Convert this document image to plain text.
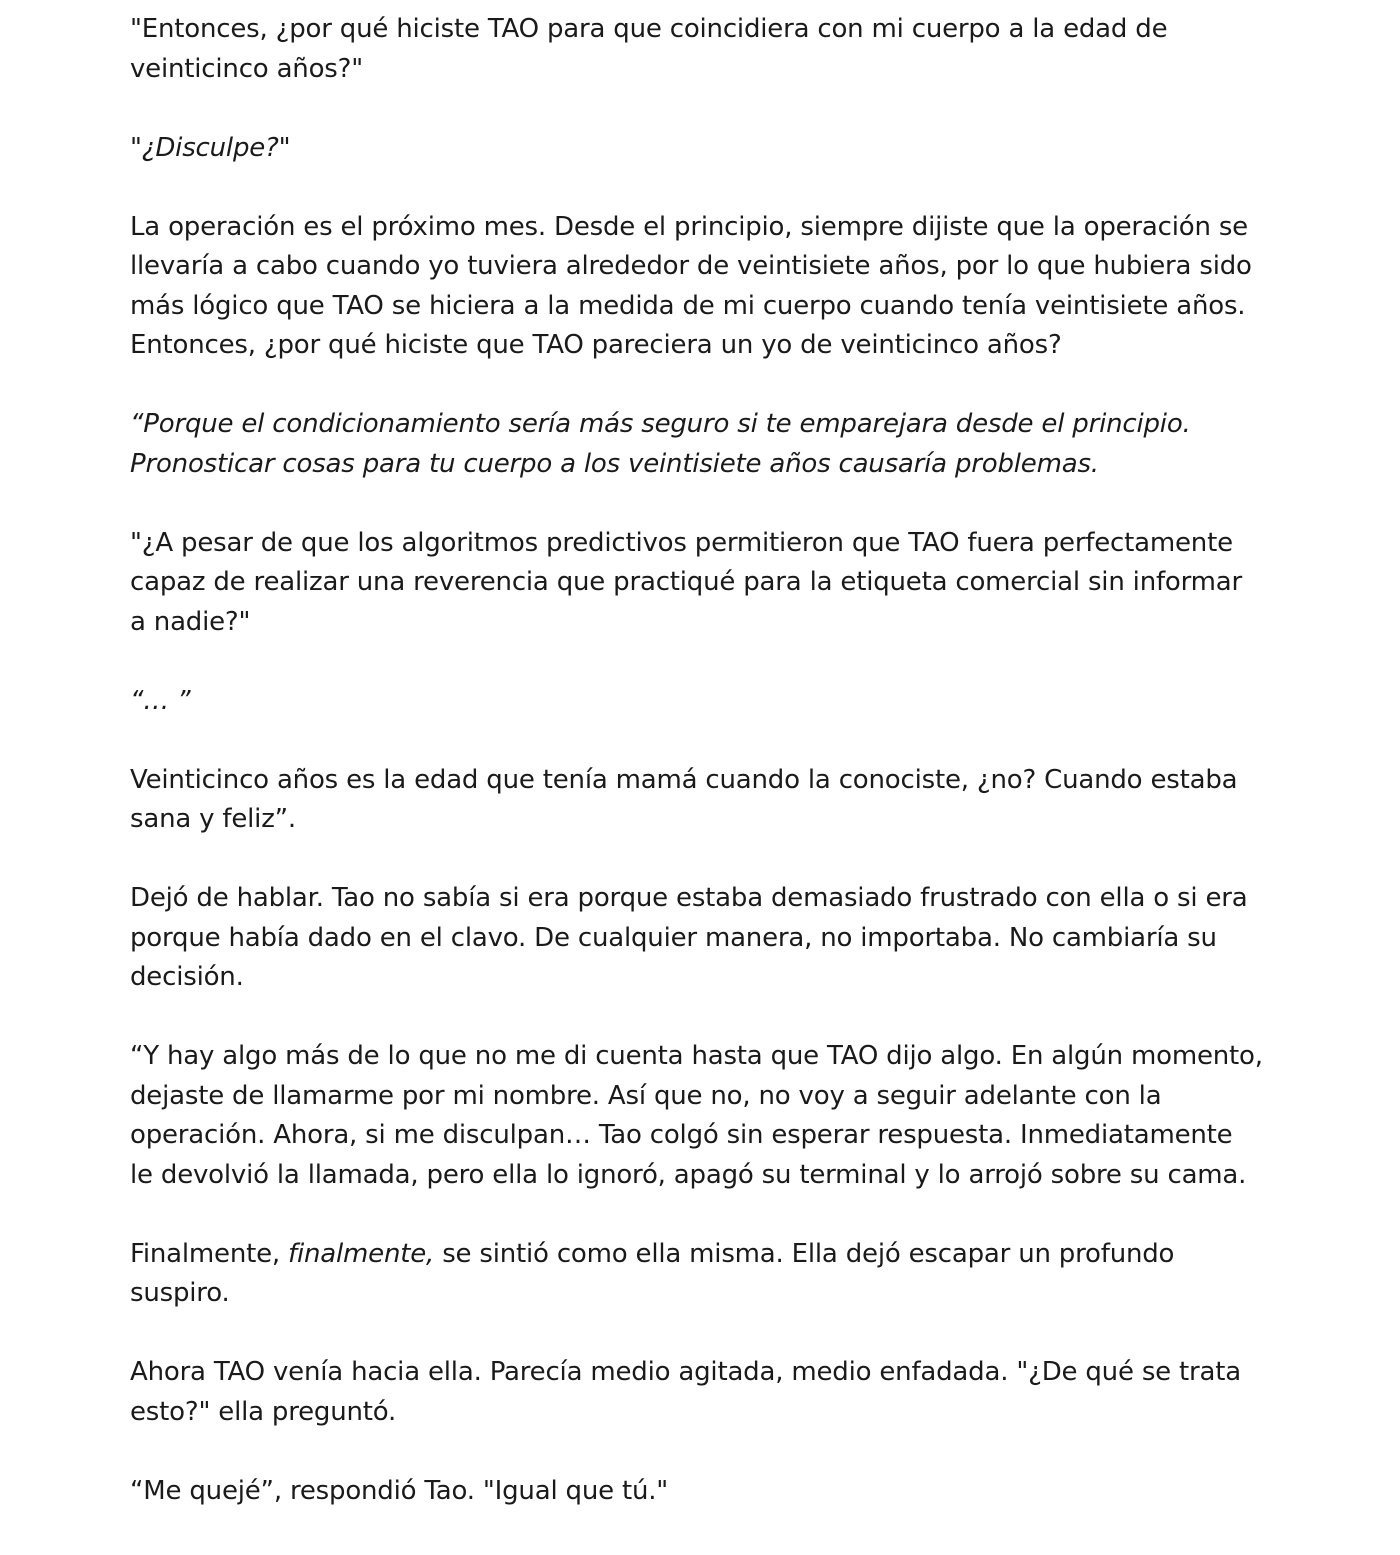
"Entonces, ¿por qué hiciste TAO para que coincidiera con mi cuerpo a la edad de
veinticinco años?"

"¿Disculpe?"

La operación es el próximo mes. Desde el principio, siempre dijiste que la operación se
llevaría a cabo cuando yo tuviera alrededor de veintisiete años, por lo que hubiera sido
más lógico que TAO se hiciera a la medida de mi cuerpo cuando tenía veintisiete años.
Entonces, ¿por qué hiciste que TAO pareciera un yo de veinticinco años?

“Porque el condicionamiento sería más seguro si te emparejara desde el principio.
Pronosticar cosas para tu cuerpo a los veintisiete años causaría problemas.

"¿A pesar de que los algoritmos predictivos permitieron que TAO fuera perfectamente
capaz de realizar una reverencia que practiqué para la etiqueta comercial sin informar
a nadie?"

“… ”

Veinticinco años es la edad que tenía mamá cuando la conociste, ¿no? Cuando estaba
sana y feliz”.

Dejó de hablar. Tao no sabía si era porque estaba demasiado frustrado con ella o si era
porque había dado en el clavo. De cualquier manera, no importaba. No cambiaría su
decisión.

“Y hay algo más de lo que no me di cuenta hasta que TAO dijo algo. En algún momento,
dejaste de llamarme por mi nombre. Así que no, no voy a seguir adelante con la
operación. Ahora, si me disculpan… Tao colgó sin esperar respuesta. Inmediatamente
le devolvió la llamada, pero ella lo ignoró, apagó su terminal y lo arrojó sobre su cama.

Finalmente, finalmente, se sintió como ella misma. Ella dejó escapar un profundo
suspiro.

Ahora TAO venía hacia ella. Parecía medio agitada, medio enfadada. "¿De qué se trata
esto?" ella preguntó.

“Me quejé”, respondió Tao. "Igual que tú."
